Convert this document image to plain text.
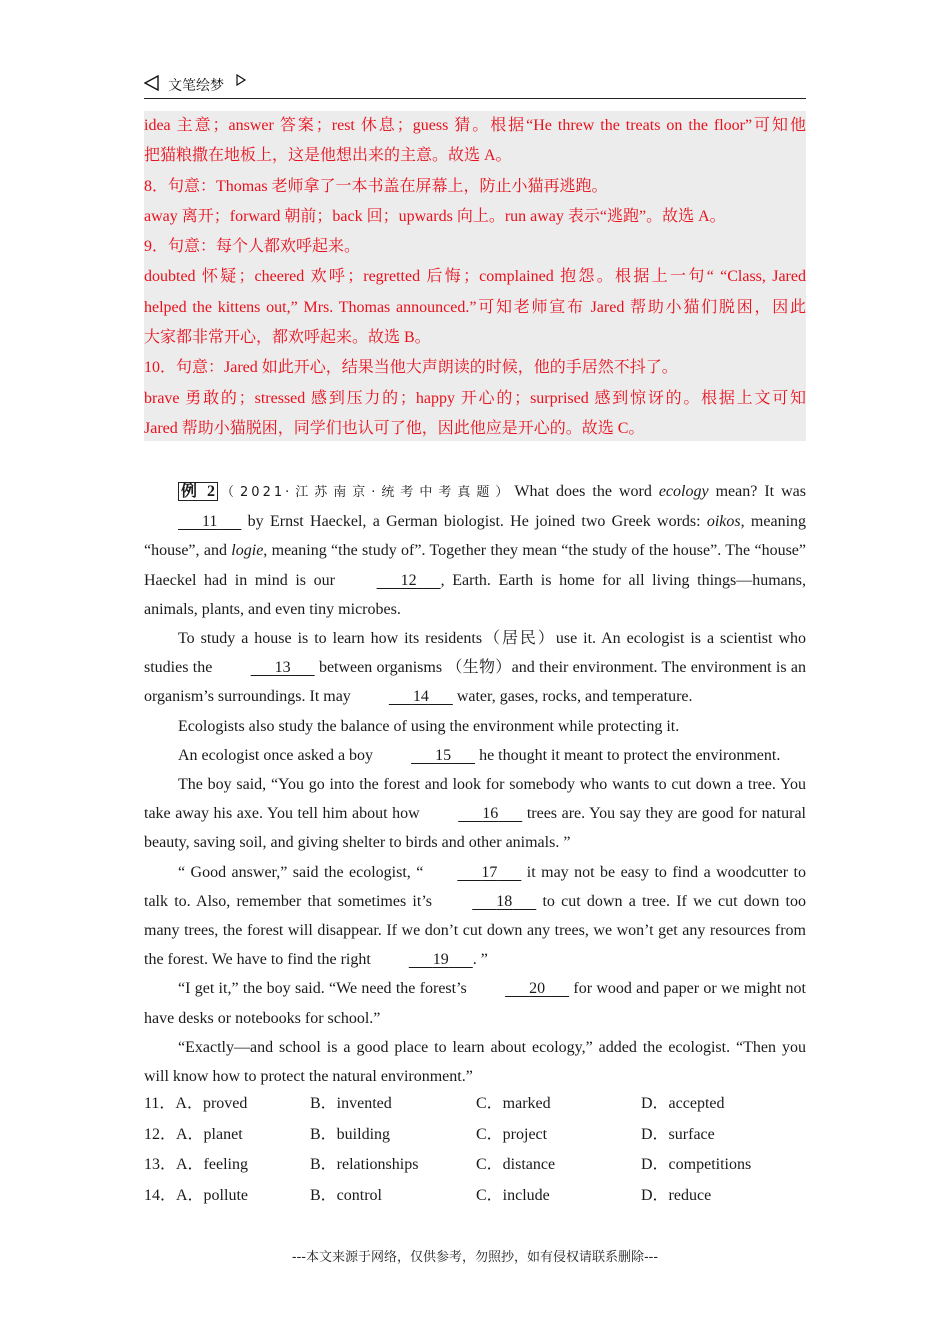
文笔绘梦
idea 主意；answer 答案；rest 休息；guess 猜。根据“He threw the treats on the floor”可知他
把猫粮撒在地板上，这是他想出来的主意。故选 A。
8．句意：Thomas 老师拿了一本书盖在屏幕上，防止小猫再逃跑。
away 离开；forward 朝前；back 回；upwards 向上。run away 表示“逃跑”。故选 A。
9．句意：每个人都欢呼起来。
doubted 怀疑；cheered 欢呼；regretted 后悔；complained 抱怨。根据上一句“ “Class, Jared
helped the kittens out,” Mrs. Thomas announced.”可知老师宣布 Jared 帮助小猫们脱困，因此
大家都非常开心，都欢呼起来。故选 B。
10．句意：Jared 如此开心，结果当他大声朗读的时候，他的手居然不抖了。
brave 勇敢的；stressed 感到压力的；happy 开心的；surprised 感到惊讶的。根据上文可知
Jared 帮助小猫脱困，同学们也认可了他，因此他应是开心的。故选 C。

例 2 （2021·江苏南京·统考中考真题）What does the word ecology mean? It was 11 by Ernst Haeckel, a German biologist. He joined two Greek words: oikos, meaning “house”, and logie, meaning “the study of”. Together they mean “the study of the house”. The “house” Haeckel had in mind is our	12 , Earth. Earth is home for all living things—humans, animals, plants, and even tiny microbes.

To study a house is to learn how its residents（居民）use it. An ecologist is a scientist who studies the	13 between organisms （生物）and their environment. The environment is an organism’s surroundings. It may	14 water, gases, rocks, and temperature.

Ecologists also study the balance of using the environment while protecting it.

An ecologist once asked a boy	15 he thought it meant to protect the environment.

The boy said, “You go into the forest and look for somebody who wants to cut down a tree. You take away his axe. You tell him about how	16 trees are. You say they are good for natural beauty, saving soil, and giving shelter to birds and other animals. ”

“ Good answer,” said the ecologist, “	17 it may not be easy to find a woodcutter to talk to. Also, remember that sometimes it’s	18 to cut down a tree. If we cut down too many trees, the forest will disappear. If we don’t cut down any trees, we won’t get any resources from the forest. We have to find the right	19 . ”

“I get it,” the boy said. “We need the forest’s	20 for wood and paper or we might not have desks or notebooks for school.”

“Exactly—and school is a good place to learn about ecology,” added the ecologist. “Then you will know how to protect the natural environment.”

11．A．proved	B．invented	C．marked	D．accepted
12．A．planet	B．building	C．project	D．surface
13．A．feeling	B．relationships	C．distance	D．competitions
14．A．pollute	B．control	C．include	D．reduce
---本文来源于网络，仅供参考，勿照抄，如有侵权请联系删除---
